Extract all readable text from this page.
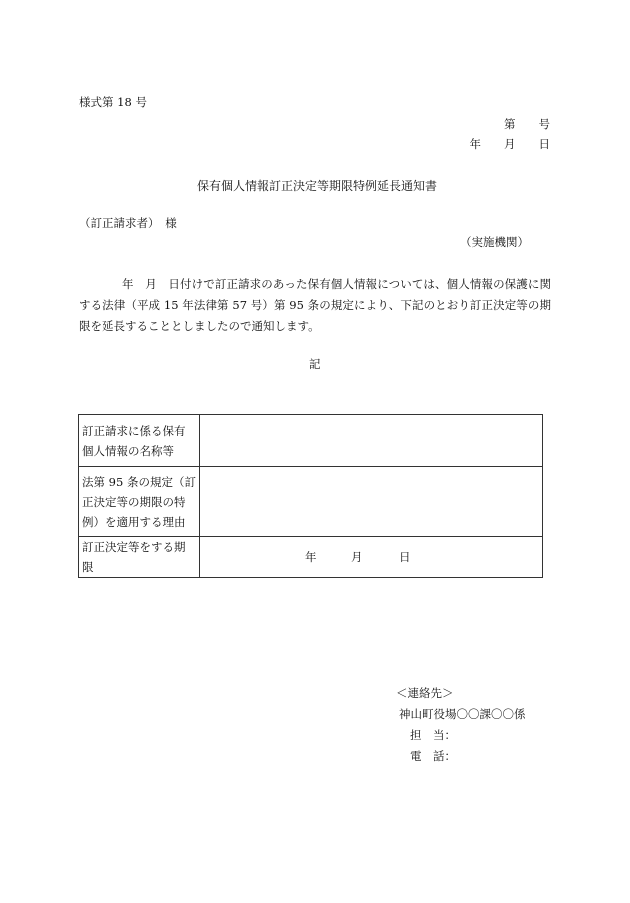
様式第 18 号
第　　号
年　　月　　日
保有個人情報訂正決定等期限特例延長通知書
（訂正請求者）　様
（実施機関）
年　月　日付けで訂正請求のあった保有個人情報については、個人情報の保護に関する法律（平成 15 年法律第 57 号）第 95 条の規定により、下記のとおり訂正決定等の期限を延長することとしましたので通知します。
記
訂正請求に係る保有個人情報の名称等	
法第 95 条の規定（訂正決定等の期限の特例）を適用する理由	
訂正決定等をする期限	年 月 日
＜連絡先＞
神山町役場〇〇課〇〇係
担　当：
電　話：
